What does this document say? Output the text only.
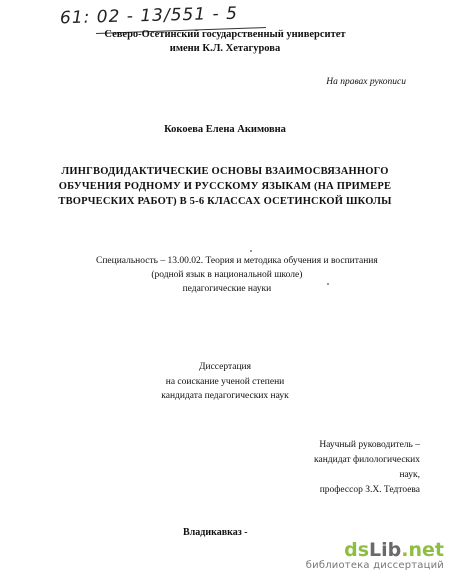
61: 02 - 13/551 - 5
Северо-Осетинский государственный университет
имени К.Л. Хетагурова
На правах рукописи
Кокоева Елена Акимовна
ЛИНГВОДИДАКТИЧЕСКИЕ ОСНОВЫ ВЗАИМОСВЯЗАННОГО
ОБУЧЕНИЯ РОДНОМУ И РУССКОМУ ЯЗЫКАМ (НА ПРИМЕРЕ
ТВОРЧЕСКИХ РАБОТ) В 5-6 КЛАССАХ ОСЕТИНСКОЙ ШКОЛЫ
Специальность – 13.00.02. Теория и методика обучения и воспитания
(родной язык в национальной школе)
педагогические науки
Диссертация
на соискание ученой степени
кандидата педагогических наук
Научный руководитель –
кандидат филологических наук,
профессор З.Х. Тедтоева
Владикавказ -
dsLib.net
библиотека диссертаций
